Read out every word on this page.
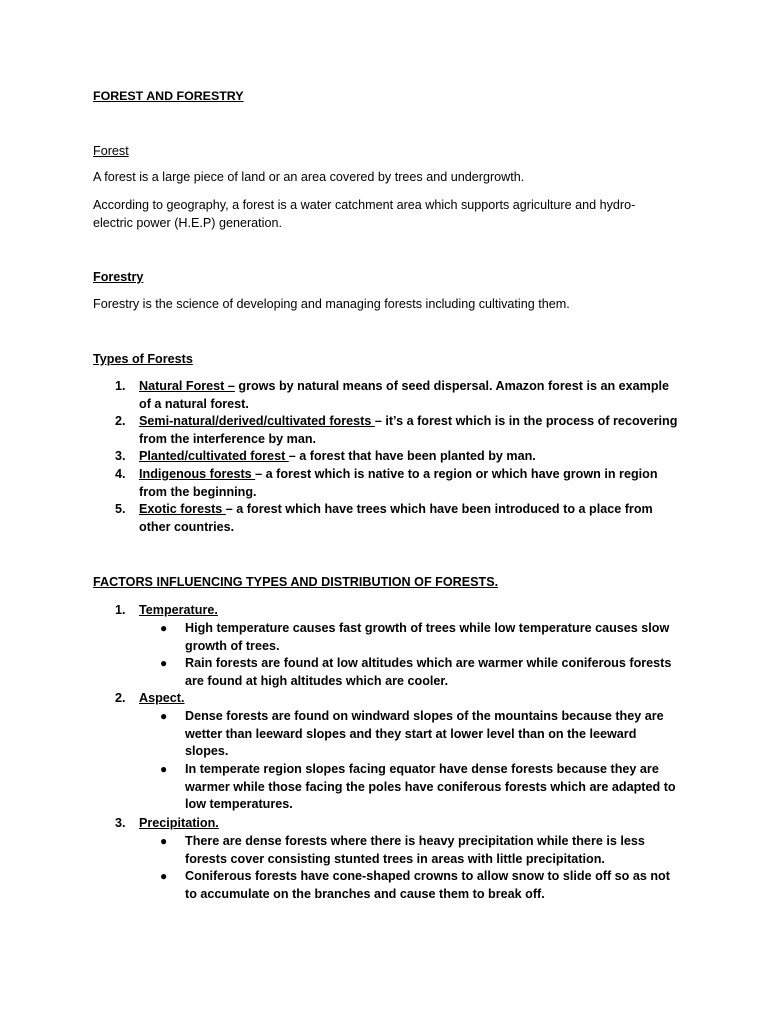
FOREST AND FORESTRY
Forest
A forest is a large piece of land or an area covered by trees and undergrowth.
According to geography, a forest is a water catchment area which supports agriculture and hydro-electric power (H.E.P) generation.
Forestry
Forestry is the science of developing and managing forests including cultivating them.
Types of Forests
1.	Natural Forest – grows by natural means of seed dispersal. Amazon forest is an example of a natural forest.
2.	Semi-natural/derived/cultivated forests – it’s a forest which is in the process of recovering from the interference by man.
3.	Planted/cultivated forest – a forest that have been planted by man.
4.	Indigenous forests – a forest which is native to a region or which have grown in region from the beginning.
5.	Exotic forests – a forest which have trees which have been introduced to a place from other countries.
FACTORS INFLUENCING TYPES AND DISTRIBUTION OF FORESTS.
1.	Temperature.
● High temperature causes fast growth of trees while low temperature causes slow growth of trees.
● Rain forests are found at low altitudes which are warmer while coniferous forests are found at high altitudes which are cooler.
2.	Aspect.
● Dense forests are found on windward slopes of the mountains because they are wetter than leeward slopes and they start at lower level than on the leeward slopes.
● In temperate region slopes facing equator have dense forests because they are warmer while those facing the poles have coniferous forests which are adapted to low temperatures.
3.	Precipitation.
● There are dense forests where there is heavy precipitation while there is less forests cover consisting stunted trees in areas with little precipitation.
● Coniferous forests have cone-shaped crowns to allow snow to slide off so as not to accumulate on the branches and cause them to break off.
